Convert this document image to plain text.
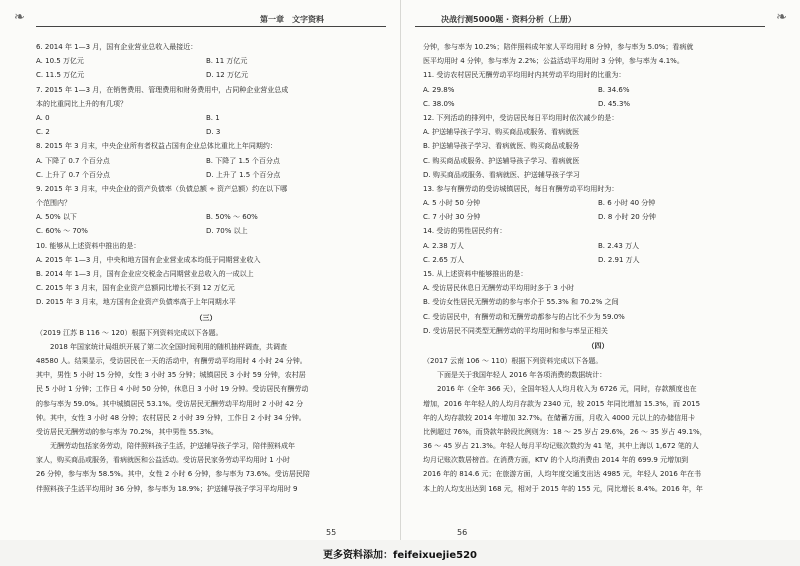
❧	第一章　文字资料
6. 2014 年 1—3 月，国有企业营业总收入最接近：
A. 10.5 万亿元	B. 11 万亿元
C. 11.5 万亿元	D. 12 万亿元
7. 2015 年 1—3 月，在销售费用、管理费用和财务费用中，占同种企业营业总成
本的比重同比上升的有几项？
A. 0	B. 1
C. 2	D. 3
8. 2015 年 3 月末，中央企业所有者权益占国有企业总体比重比上年同期约：
A. 下降了 0.7 个百分点	B. 下降了 1.5 个百分点
C. 上升了 0.7 个百分点	D. 上升了 1.5 个百分点
9. 2015 年 3 月末，中央企业的资产负债率（负债总额 ÷ 资产总额）约在以下哪
个范围内？
A. 50% 以下	B. 50% ～ 60%
C. 60% ～ 70%	D. 70% 以上
10. 能够从上述资料中推出的是：
A. 2015 年 1—3 月，中央和地方国有企业营业成本均低于同期营业收入
B. 2014 年 1—3 月，国有企业应交税金占同期营业总收入的一成以上
C. 2015 年 3 月末，国有企业资产总额同比增长不到 12 万亿元
D. 2015 年 3 月末，地方国有企业资产负债率高于上年同期水平
（三）
（2019 江苏 B 116 ～ 120）根据下列资料完成以下各题。
2018 年国家统计局组织开展了第二次全国时间利用的随机抽样调查，共调查
48580 人。结果显示，受访居民在一天的活动中，有酬劳动平均用时 4 小时 24 分钟。
其中，男性 5 小时 15 分钟，女性 3 小时 35 分钟；城镇居民 3 小时 59 分钟，农村居
民 5 小时 1 分钟；工作日 4 小时 50 分钟，休息日 3 小时 19 分钟。受访居民有酬劳动
的参与率为 59.0%。其中城镇居民 53.1%。受访居民无酬劳动平均用时 2 小时 42 分
钟。其中，女性 3 小时 48 分钟；农村居民 2 小时 39 分钟，工作日 2 小时 34 分钟。
受访居民无酬劳动的参与率为 70.2%，其中男性 55.3%。
无酬劳动包括家务劳动，陪伴照料孩子生活，护送辅导孩子学习，陪伴照料成年
家人，购买商品或服务，看病就医和公益活动。受访居民家务劳动平均用时 1 小时
26 分钟，参与率为 58.5%。其中，女性 2 小时 6 分钟，参与率为 73.6%。受访居民陪
伴照料孩子生活平均用时 36 分钟，参与率为 18.9%；护送辅导孩子学习平均用时 9
55
❧
决战行测5000题 · 资料分析（上册）
分钟，参与率为 10.2%；陪伴照料成年家人平均用时 8 分钟，参与率为 5.0%；看病就
医平均用时 4 分钟，参与率为 2.2%；公益活动平均用时 3 分钟，参与率为 4.1%。
11. 受访农村居民无酬劳动平均用时内其劳动平均用时的比重为：
A. 29.8%	B. 34.6%
C. 38.0%	D. 45.3%
12. 下列活动的排列中，受访居民每日平均用时依次减少的是：
A. 护送辅导孩子学习、购买商品或服务、看病就医
B. 护送辅导孩子学习、看病就医、购买商品或服务
C. 购买商品或服务、护送辅导孩子学习、看病就医
D. 购买商品或服务、看病就医、护送辅导孩子学习
13. 参与有酬劳动的受访城镇居民，每日有酬劳动平均用时为：
A. 5 小时 50 分钟	B. 6 小时 40 分钟
C. 7 小时 30 分钟	D. 8 小时 20 分钟
14. 受访的男性居民约有：
A. 2.38 万人	B. 2.43 万人
C. 2.65 万人	D. 2.91 万人
15. 从上述资料中能够推出的是：
A. 受访居民休息日无酬劳动平均用时多于 3 小时
B. 受访女性居民无酬劳动的参与率介于 55.3% 和 70.2% 之间
C. 受访居民中，有酬劳动和无酬劳动都参与的占比不少为 59.0%
D. 受访居民不同类型无酬劳动的平均用时和参与率呈正相关
（四）
（2017 云南 106 ～ 110）根据下列资料完成以下各题。
下面是关于我国年轻人 2016 年各项消费的数据统计：
2016 年（全年 366 天），全国年轻人人均月收入为 6726 元，同时，存款额度也在
增加，2016 年年轻人的人均月存款为 2340 元，较 2015 年同比增加 15.3%，而 2015
年的人均存款较 2014 年增加 32.7%。在储蓄方面，月收入 4000 元以上的办储信用卡
比例超过 76%，而贷款年龄段比例则为：18 ～ 25 岁占 29.6%，26 ～ 35 岁占 49.1%，
36 ～ 45 岁占 21.3%。年轻人每月平均记账次数约为 41 笔，其中上海以 1,672 笔的人
均月记账次数居榜首。在消费方面，KTV 的个人均消费由 2014 年的 699.9 元增加到
2016 年的 814.6 元；在旅游方面，人均年度交通支出达 4985 元，年轻人 2016 年在书
本上的人均支出达到 168 元，相对于 2015 年的 155 元，同比增长 8.4%。2016 年，年
56
更多资料添加：feifeixuejie520
